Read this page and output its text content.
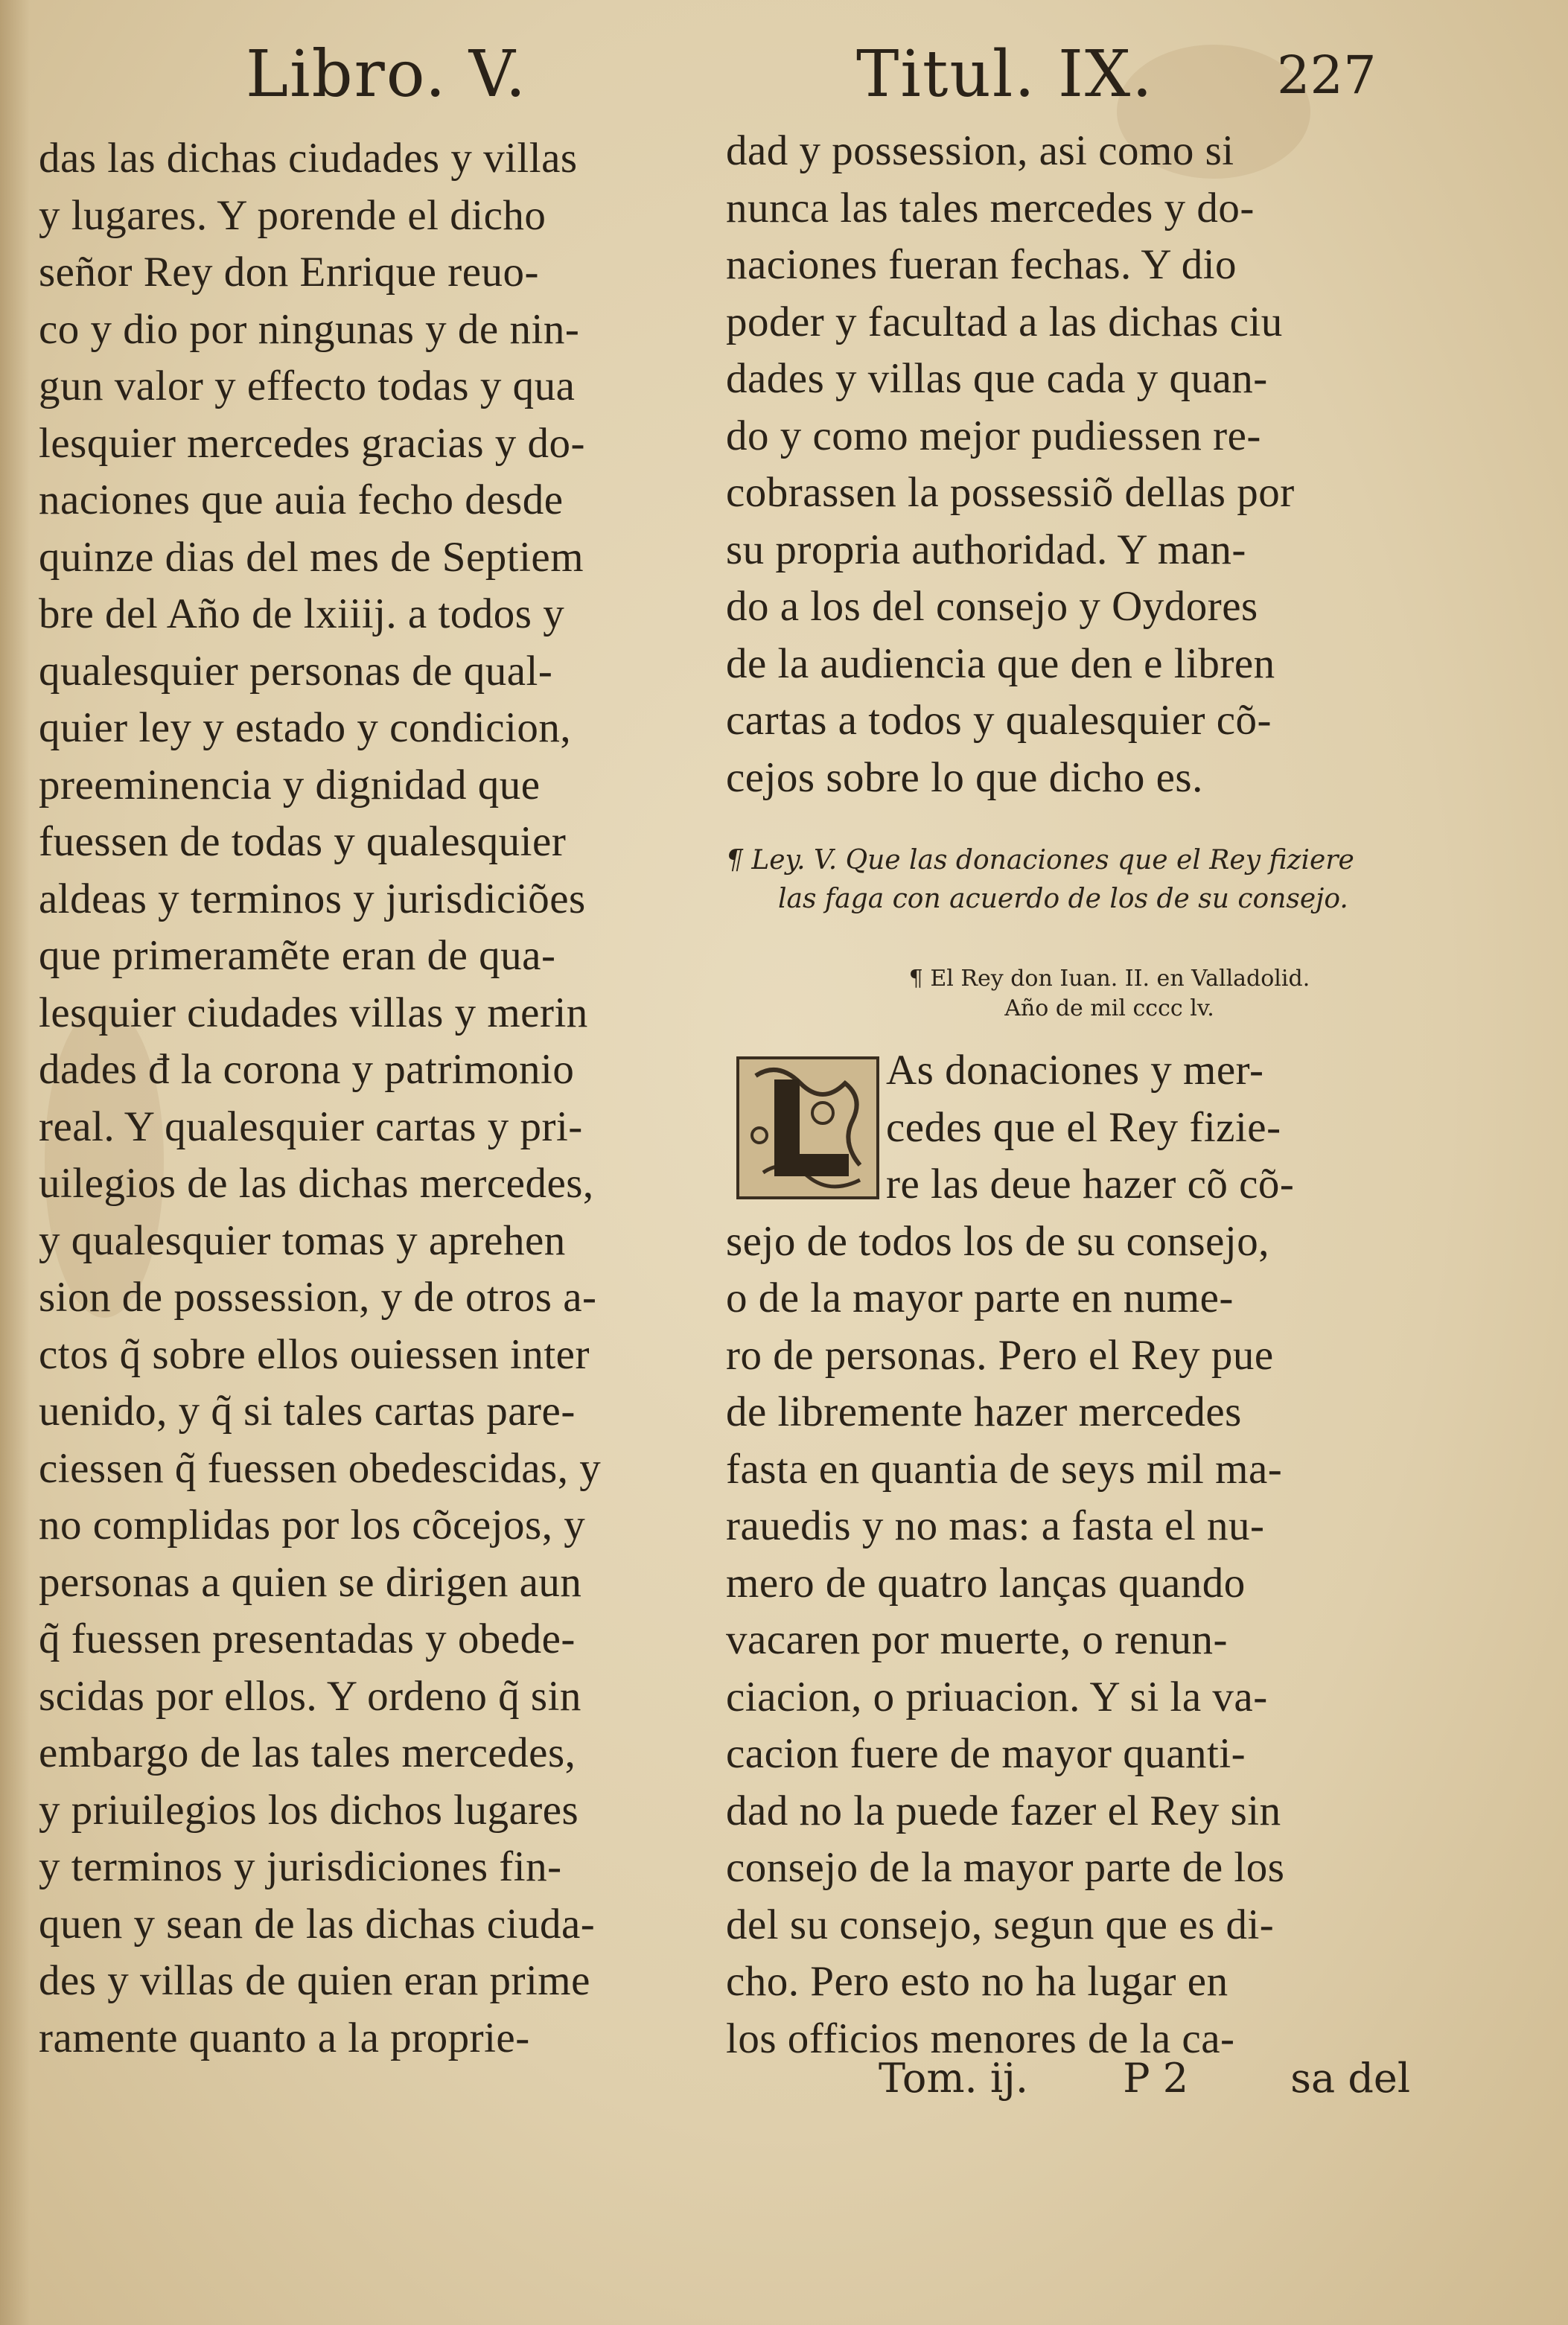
Libro. V.	Titul. IX. 227
das las dichas ciudades y villas
y lugares. Y porende el dicho
señor Rey don Enrique reuo-
co y dio por ningunas y de nin-
gun valor y effecto todas y qua
lesquier mercedes gracias y do-
naciones que auia fecho desde
quinze dias del mes de Septiem
bre del Año de lxiiij. a todos y
qualesquier personas de qual-
quier ley y estado y condicion,
preeminencia y dignidad que
fuessen de todas y qualesquier
aldeas y terminos y jurisdiciões
que primeramẽte eran de qua-
lesquier ciudades villas y merin
dades đ la corona y patrimonio
real. Y qualesquier cartas y pri-
uilegios de las dichas mercedes,
y qualesquier tomas y aprehen
sion de possession, y de otros a-
ctos q̃ sobre ellos ouiessen inter
uenido, y q̃ si tales cartas pare-
ciessen q̃ fuessen obedescidas, y
no complidas por los cõcejos, y
personas a quien se dirigen aun
q̃ fuessen presentadas y obede-
scidas por ellos. Y ordeno q̃ sin
embargo de las tales mercedes,
y priuilegios los dichos lugares
y terminos y jurisdiciones fin-
quen y sean de las dichas ciuda-
des y villas de quien eran prime
ramente quanto a la proprie-
dad y possession, asi como si
nunca las tales mercedes y do-
naciones fueran fechas. Y dio
poder y facultad a las dichas ciu
dades y villas que cada y quan-
do y como mejor pudiessen re-
cobrassen la possessiõ dellas por
su propria authoridad. Y man-
do a los del consejo y Oydores
de la audiencia que den e libren
cartas a todos y qualesquier cõ-
cejos sobre lo que dicho es.
¶ Ley. V. Que las donaciones que el Rey fiziere
las faga con acuerdo de los de su consejo.
¶ El Rey don Iuan. II. en Valladolid.
Año de mil cccc lv.
As donaciones y mer-
cedes que el Rey fizie-
re las deue hazer cõ cõ-
sejo de todos los de su consejo,
o de la mayor parte en nume-
ro de personas. Pero el Rey pue
de libremente hazer mercedes
fasta en quantia de seys mil ma-
rauedis y no mas: a fasta el nu-
mero de quatro lanças quando
vacaren por muerte, o renun-
ciacion, o priuacion. Y si la va-
cacion fuere de mayor quanti-
dad no la puede fazer el Rey sin
consejo de la mayor parte de los
del su consejo, segun que es di-
cho. Pero esto no ha lugar en
los officios menores de la ca-
Tom. ij. P 2	sa del
